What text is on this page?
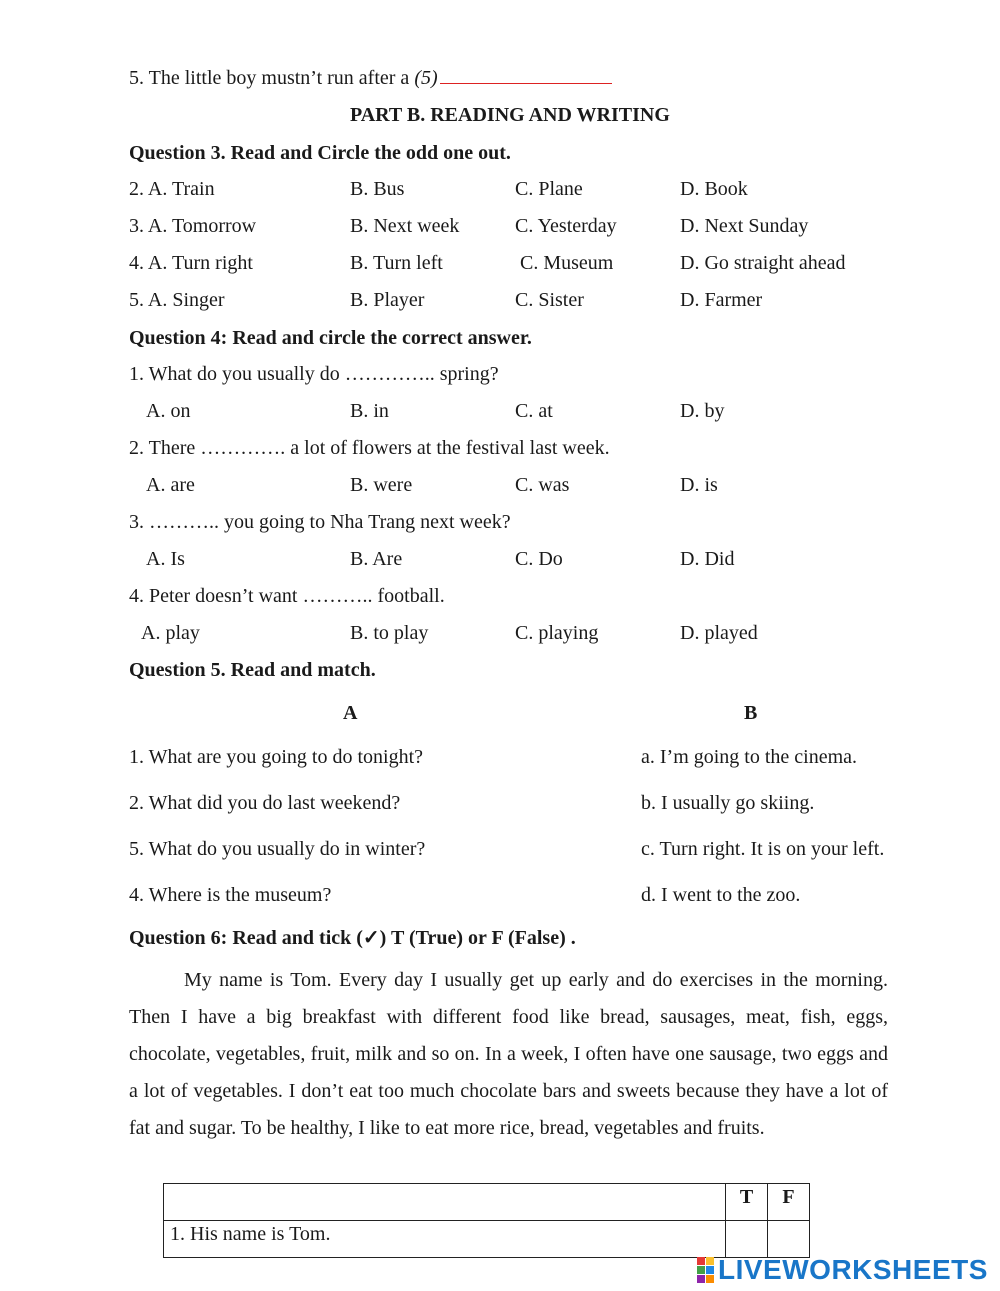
5. The little boy mustn’t run after a (5)
PART B. READING AND WRITING
Question 3. Read and Circle the odd one out.
2. A. Train	B. Bus	C. Plane	D. Book
3. A. Tomorrow	B. Next week	C. Yesterday	D. Next Sunday
4. A. Turn right	B. Turn left	C. Museum	D. Go straight ahead
5. A. Singer	B. Player	C. Sister	D. Farmer
Question 4: Read and circle the correct answer.
1. What do you usually do ………….. spring?
A. on	B. in	C. at	D. by
2. There …………. a lot of flowers at the festival last week.
A. are	B. were	C. was	D. is
3. ……….. you going to Nha Trang next week?
A. Is	B. Are	C. Do	D. Did
4. Peter doesn’t want ……….. football.
A. play	B. to play	C. playing	D. played
Question 5. Read and match.
A	B
1. What are you going to do tonight?	a. I’m going to the cinema.
2. What did you do last weekend?	b. I usually go skiing.
5. What do you usually do in winter?	c. Turn right. It is on your left.
4. Where is the museum?	d. I went to the zoo.
Question 6: Read and tick (✓) T (True) or F (False) .
My name is Tom. Every day I usually get up early and do exercises in the morning. Then I have a big breakfast with different food like bread, sausages, meat, fish, eggs, chocolate, vegetables, fruit, milk and so on. In a week, I often have one sausage, two eggs and a lot of vegetables. I don’t eat too much chocolate bars and sweets because they have a lot of fat and sugar. To be healthy, I like to eat more rice, bread, vegetables and fruits.
	T	F
1. His name is Tom.		
LIVEWORKSHEETS
